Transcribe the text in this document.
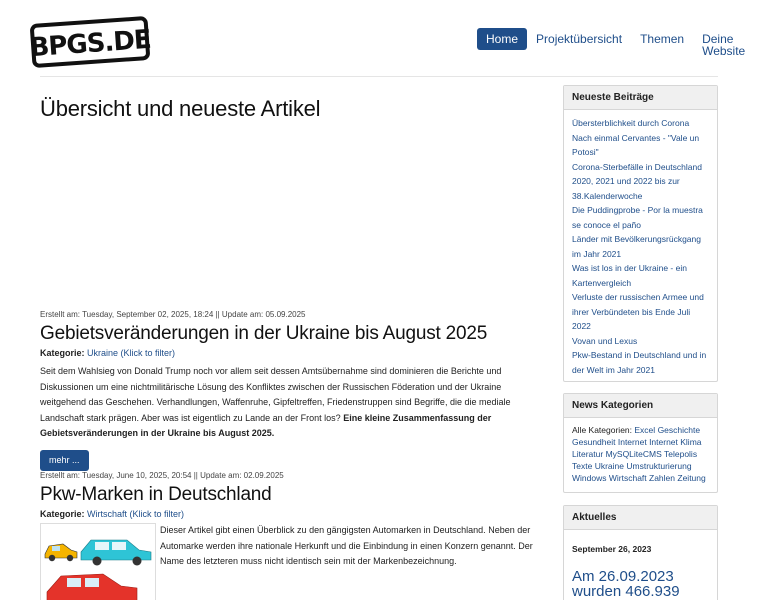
BPGS.DE	Home	Projektübersicht	Themen	Deine Website
Übersicht und neueste Artikel
Erstellt am: Tuesday, September 02, 2025, 18:24 || Update am: 05.09.2025
Gebietsveränderungen in der Ukraine bis August 2025
Kategorie: Ukraine (Klick to filter)

Seit dem Wahlsieg von Donald Trump noch vor allem seit dessen Amtsübernahme sind dominieren die Berichte und Diskussionen um eine nichtmilitärische Lösung des Konfliktes zwischen der Russischen Föderation und der Ukraine weitgehend das Geschehen. Verhandlungen, Waffenruhe, Gipfeltreffen, Friedenstruppen sind Begriffe, die die mediale Landschaft stark prägen. Aber was ist eigentlich zu Lande an der Front los? Eine kleine Zusammenfassung der Gebietsveränderungen in der Ukraine bis August 2025.

mehr ...
Erstellt am: Tuesday, June 10, 2025, 20:54 || Update am: 02.09.2025
Pkw-Marken in Deutschland
Kategorie: Wirtschaft (Klick to filter)

Dieser Artikel gibt einen Überblick zu den gängigsten Automarken in Deutschland. Neben der Automarke werden ihre nationale Herkunft und die Einbindung in einen Konzern genannt. Der Name des letzteren muss nicht identisch sein mit der Markenbezeichnung.

Neueste Beiträge
Übersterblichkeit durch Corona
Nach einmal Cervantes - "Vale un Potosi"
Corona-Sterbefälle in Deutschland 2020, 2021 und 2022 bis zur 38.Kalenderwoche
Die Puddingprobe - Por la muestra se conoce el paño
Länder mit Bevölkerungsrückgang im Jahr 2021
Was ist los in der Ukraine - ein Kartenvergleich
Verluste der russischen Armee und ihrer Verbündeten bis Ende Juli 2022
Vovan und Lexus
Pkw-Bestand in Deutschland und in der Welt im Jahr 2021
News Kategorien
Alle Kategorien: Excel Geschichte Gesundheit Internet Internet Klima Literatur MySQLiteCMS Telepolis Texte Ukraine Umstrukturierung Windows Wirtschaft Zahlen Zeitung
Aktuelles
September 26, 2023
Am 26.09.2023 wurden 466.939
